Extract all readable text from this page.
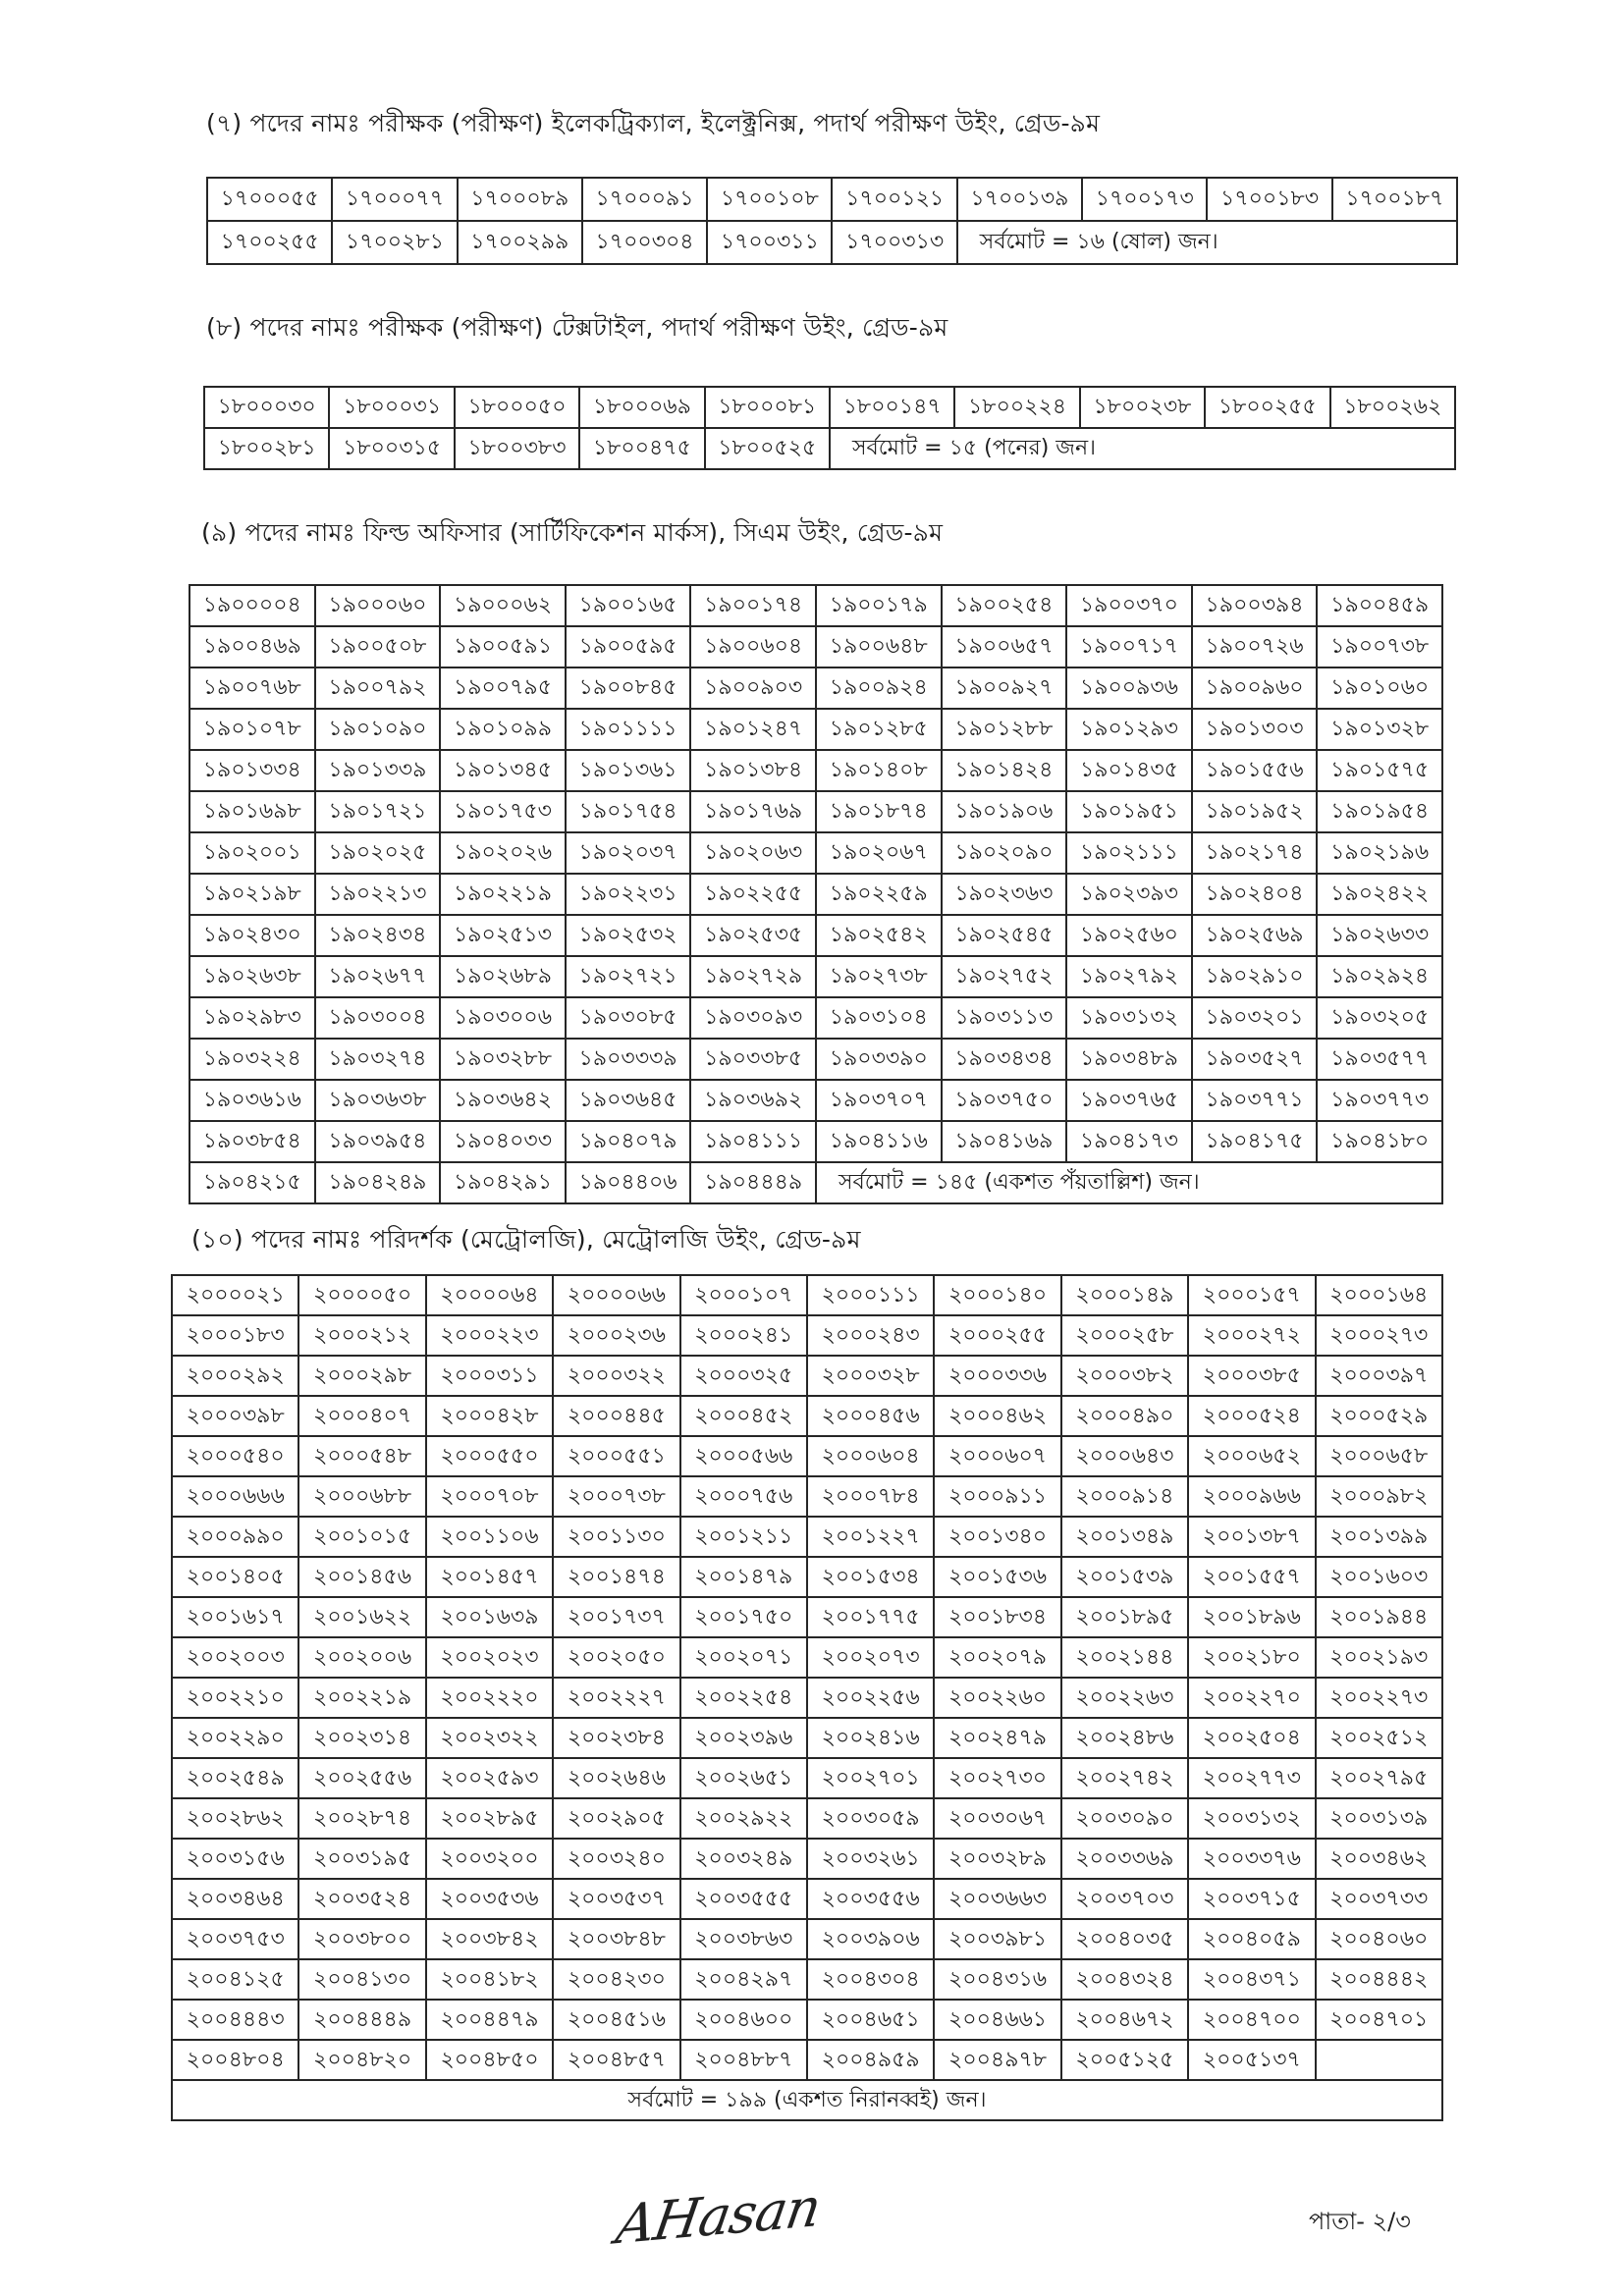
(৭) পদের নামঃ পরীক্ষক (পরীক্ষণ) ইলেকট্রিক্যাল, ইলেক্ট্রনিক্স, পদার্থ পরীক্ষণ উইং, গ্রেড-৯ম
১৭০০০৫৫	১৭০০০৭৭	১৭০০০৮৯	১৭০০০৯১	১৭০০১০৮	১৭০০১২১	১৭০০১৩৯	১৭০০১৭৩	১৭০০১৮৩	১৭০০১৮৭
১৭০০২৫৫	১৭০০২৮১	১৭০০২৯৯	১৭০০৩০৪	১৭০০৩১১	১৭০০৩১৩	সর্বমোট = ১৬ (ষোল) জন।			
(৮) পদের নামঃ পরীক্ষক (পরীক্ষণ) টেক্সটাইল, পদার্থ পরীক্ষণ উইং, গ্রেড-৯ম
১৮০০০৩০	১৮০০০৩১	১৮০০০৫০	১৮০০০৬৯	১৮০০০৮১	১৮০০১৪৭	১৮০০২২৪	১৮০০২৩৮	১৮০০২৫৫	১৮০০২৬২
১৮০০২৮১	১৮০০৩১৫	১৮০০৩৮৩	১৮০০৪৭৫	১৮০০৫২৫	সর্বমোট = ১৫ (পনের) জন।				
(৯) পদের নামঃ ফিল্ড অফিসার (সার্টিফিকেশন মার্কস), সিএম উইং, গ্রেড-৯ম
১৯০০০০৪	১৯০০০৬০	১৯০০০৬২	১৯০০১৬৫	১৯০০১৭৪	১৯০০১৭৯	১৯০০২৫৪	১৯০০৩৭০	১৯০০৩৯৪	১৯০০৪৫৯
১৯০০৪৬৯	১৯০০৫০৮	১৯০০৫৯১	১৯০০৫৯৫	১৯০০৬০৪	১৯০০৬৪৮	১৯০০৬৫৭	১৯০০৭১৭	১৯০০৭২৬	১৯০০৭৩৮
১৯০০৭৬৮	১৯০০৭৯২	১৯০০৭৯৫	১৯০০৮৪৫	১৯০০৯০৩	১৯০০৯২৪	১৯০০৯২৭	১৯০০৯৩৬	১৯০০৯৬০	১৯০১০৬০
১৯০১০৭৮	১৯০১০৯০	১৯০১০৯৯	১৯০১১১১	১৯০১২৪৭	১৯০১২৮৫	১৯০১২৮৮	১৯০১২৯৩	১৯০১৩০৩	১৯০১৩২৮
১৯০১৩৩৪	১৯০১৩৩৯	১৯০১৩৪৫	১৯০১৩৬১	১৯০১৩৮৪	১৯০১৪০৮	১৯০১৪২৪	১৯০১৪৩৫	১৯০১৫৫৬	১৯০১৫৭৫
১৯০১৬৯৮	১৯০১৭২১	১৯০১৭৫৩	১৯০১৭৫৪	১৯০১৭৬৯	১৯০১৮৭৪	১৯০১৯০৬	১৯০১৯৫১	১৯০১৯৫২	১৯০১৯৫৪
১৯০২০০১	১৯০২০২৫	১৯০২০২৬	১৯০২০৩৭	১৯০২০৬৩	১৯০২০৬৭	১৯০২০৯০	১৯০২১১১	১৯০২১৭৪	১৯০২১৯৬
১৯০২১৯৮	১৯০২২১৩	১৯০২২১৯	১৯০২২৩১	১৯০২২৫৫	১৯০২২৫৯	১৯০২৩৬৩	১৯০২৩৯৩	১৯০২৪০৪	১৯০২৪২২
১৯০২৪৩০	১৯০২৪৩৪	১৯০২৫১৩	১৯০২৫৩২	১৯০২৫৩৫	১৯০২৫৪২	১৯০২৫৪৫	১৯০২৫৬০	১৯০২৫৬৯	১৯০২৬৩৩
১৯০২৬৩৮	১৯০২৬৭৭	১৯০২৬৮৯	১৯০২৭২১	১৯০২৭২৯	১৯০২৭৩৮	১৯০২৭৫২	১৯০২৭৯২	১৯০২৯১০	১৯০২৯২৪
১৯০২৯৮৩	১৯০৩০০৪	১৯০৩০০৬	১৯০৩০৮৫	১৯০৩০৯৩	১৯০৩১০৪	১৯০৩১১৩	১৯০৩১৩২	১৯০৩২০১	১৯০৩২০৫
১৯০৩২২৪	১৯০৩২৭৪	১৯০৩২৮৮	১৯০৩৩৩৯	১৯০৩৩৮৫	১৯০৩৩৯০	১৯০৩৪৩৪	১৯০৩৪৮৯	১৯০৩৫২৭	১৯০৩৫৭৭
১৯০৩৬১৬	১৯০৩৬৩৮	১৯০৩৬৪২	১৯০৩৬৪৫	১৯০৩৬৯২	১৯০৩৭০৭	১৯০৩৭৫০	১৯০৩৭৬৫	১৯০৩৭৭১	১৯০৩৭৭৩
১৯০৩৮৫৪	১৯০৩৯৫৪	১৯০৪০৩৩	১৯০৪০৭৯	১৯০৪১১১	১৯০৪১১৬	১৯০৪১৬৯	১৯০৪১৭৩	১৯০৪১৭৫	১৯০৪১৮০
১৯০৪২১৫	১৯০৪২৪৯	১৯০৪২৯১	১৯০৪৪০৬	১৯০৪৪৪৯	সর্বমোট = ১৪৫ (একশত পঁয়তাল্লিশ) জন।				
(১০) পদের নামঃ পরিদর্শক (মেট্রোলজি), মেট্রোলজি উইং, গ্রেড-৯ম
২০০০০২১	২০০০০৫০	২০০০০৬৪	২০০০০৬৬	২০০০১০৭	২০০০১১১	২০০০১৪০	২০০০১৪৯	২০০০১৫৭	২০০০১৬৪
২০০০১৮৩	২০০০২১২	২০০০২২৩	২০০০২৩৬	২০০০২৪১	২০০০২৪৩	২০০০২৫৫	২০০০২৫৮	২০০০২৭২	২০০০২৭৩
২০০০২৯২	২০০০২৯৮	২০০০৩১১	২০০০৩২২	২০০০৩২৫	২০০০৩২৮	২০০০৩৩৬	২০০০৩৮২	২০০০৩৮৫	২০০০৩৯৭
২০০০৩৯৮	২০০০৪০৭	২০০০৪২৮	২০০০৪৪৫	২০০০৪৫২	২০০০৪৫৬	২০০০৪৬২	২০০০৪৯০	২০০০৫২৪	২০০০৫২৯
২০০০৫৪০	২০০০৫৪৮	২০০০৫৫০	২০০০৫৫১	২০০০৫৬৬	২০০০৬০৪	২০০০৬০৭	২০০০৬৪৩	২০০০৬৫২	২০০০৬৫৮
২০০০৬৬৬	২০০০৬৮৮	২০০০৭০৮	২০০০৭৩৮	২০০০৭৫৬	২০০০৭৮৪	২০০০৯১১	২০০০৯১৪	২০০০৯৬৬	২০০০৯৮২
২০০০৯৯০	২০০১০১৫	২০০১১০৬	২০০১১৩০	২০০১২১১	২০০১২২৭	২০০১৩৪০	২০০১৩৪৯	২০০১৩৮৭	২০০১৩৯৯
২০০১৪০৫	২০০১৪৫৬	২০০১৪৫৭	২০০১৪৭৪	২০০১৪৭৯	২০০১৫৩৪	২০০১৫৩৬	২০০১৫৩৯	২০০১৫৫৭	২০০১৬০৩
২০০১৬১৭	২০০১৬২২	২০০১৬৩৯	২০০১৭৩৭	২০০১৭৫০	২০০১৭৭৫	২০০১৮৩৪	২০০১৮৯৫	২০০১৮৯৬	২০০১৯৪৪
২০০২০০৩	২০০২০০৬	২০০২০২৩	২০০২০৫০	২০০২০৭১	২০০২০৭৩	২০০২০৭৯	২০০২১৪৪	২০০২১৮০	২০০২১৯৩
২০০২২১০	২০০২২১৯	২০০২২২০	২০০২২২৭	২০০২২৫৪	২০০২২৫৬	২০০২২৬০	২০০২২৬৩	২০০২২৭০	২০০২২৭৩
২০০২২৯০	২০০২৩১৪	২০০২৩২২	২০০২৩৮৪	২০০২৩৯৬	২০০২৪১৬	২০০২৪৭৯	২০০২৪৮৬	২০০২৫০৪	২০০২৫১২
২০০২৫৪৯	২০০২৫৫৬	২০০২৫৯৩	২০০২৬৪৬	২০০২৬৫১	২০০২৭০১	২০০২৭৩০	২০০২৭৪২	২০০২৭৭৩	২০০২৭৯৫
২০০২৮৬২	২০০২৮৭৪	২০০২৮৯৫	২০০২৯০৫	২০০২৯২২	২০০৩০৫৯	২০০৩০৬৭	২০০৩০৯০	২০০৩১৩২	২০০৩১৩৯
২০০৩১৫৬	২০০৩১৯৫	২০০৩২০০	২০০৩২৪০	২০০৩২৪৯	২০০৩২৬১	২০০৩২৮৯	২০০৩৩৬৯	২০০৩৩৭৬	২০০৩৪৬২
২০০৩৪৬৪	২০০৩৫২৪	২০০৩৫৩৬	২০০৩৫৩৭	২০০৩৫৫৫	২০০৩৫৫৬	২০০৩৬৬৩	২০০৩৭০৩	২০০৩৭১৫	২০০৩৭৩৩
২০০৩৭৫৩	২০০৩৮০০	২০০৩৮৪২	২০০৩৮৪৮	২০০৩৮৬৩	২০০৩৯০৬	২০০৩৯৮১	২০০৪০৩৫	২০০৪০৫৯	২০০৪০৬০
২০০৪১২৫	২০০৪১৩০	২০০৪১৮২	২০০৪২৩০	২০০৪২৯৭	২০০৪৩০৪	২০০৪৩১৬	২০০৪৩২৪	২০০৪৩৭১	২০০৪৪৪২
২০০৪৪৪৩	২০০৪৪৪৯	২০০৪৪৭৯	২০০৪৫১৬	২০০৪৬০০	২০০৪৬৫১	২০০৪৬৬১	২০০৪৬৭২	২০০৪৭০০	২০০৪৭০১
২০০৪৮০৪	২০০৪৮২০	২০০৪৮৫০	২০০৪৮৫৭	২০০৪৮৮৭	২০০৪৯৫৯	২০০৪৯৭৮	২০০৫১২৫	২০০৫১৩৭	
সর্বমোট = ১৯৯ (একশত নিরানব্বই) জন।									
AHasan	পাতা- ২/৩
